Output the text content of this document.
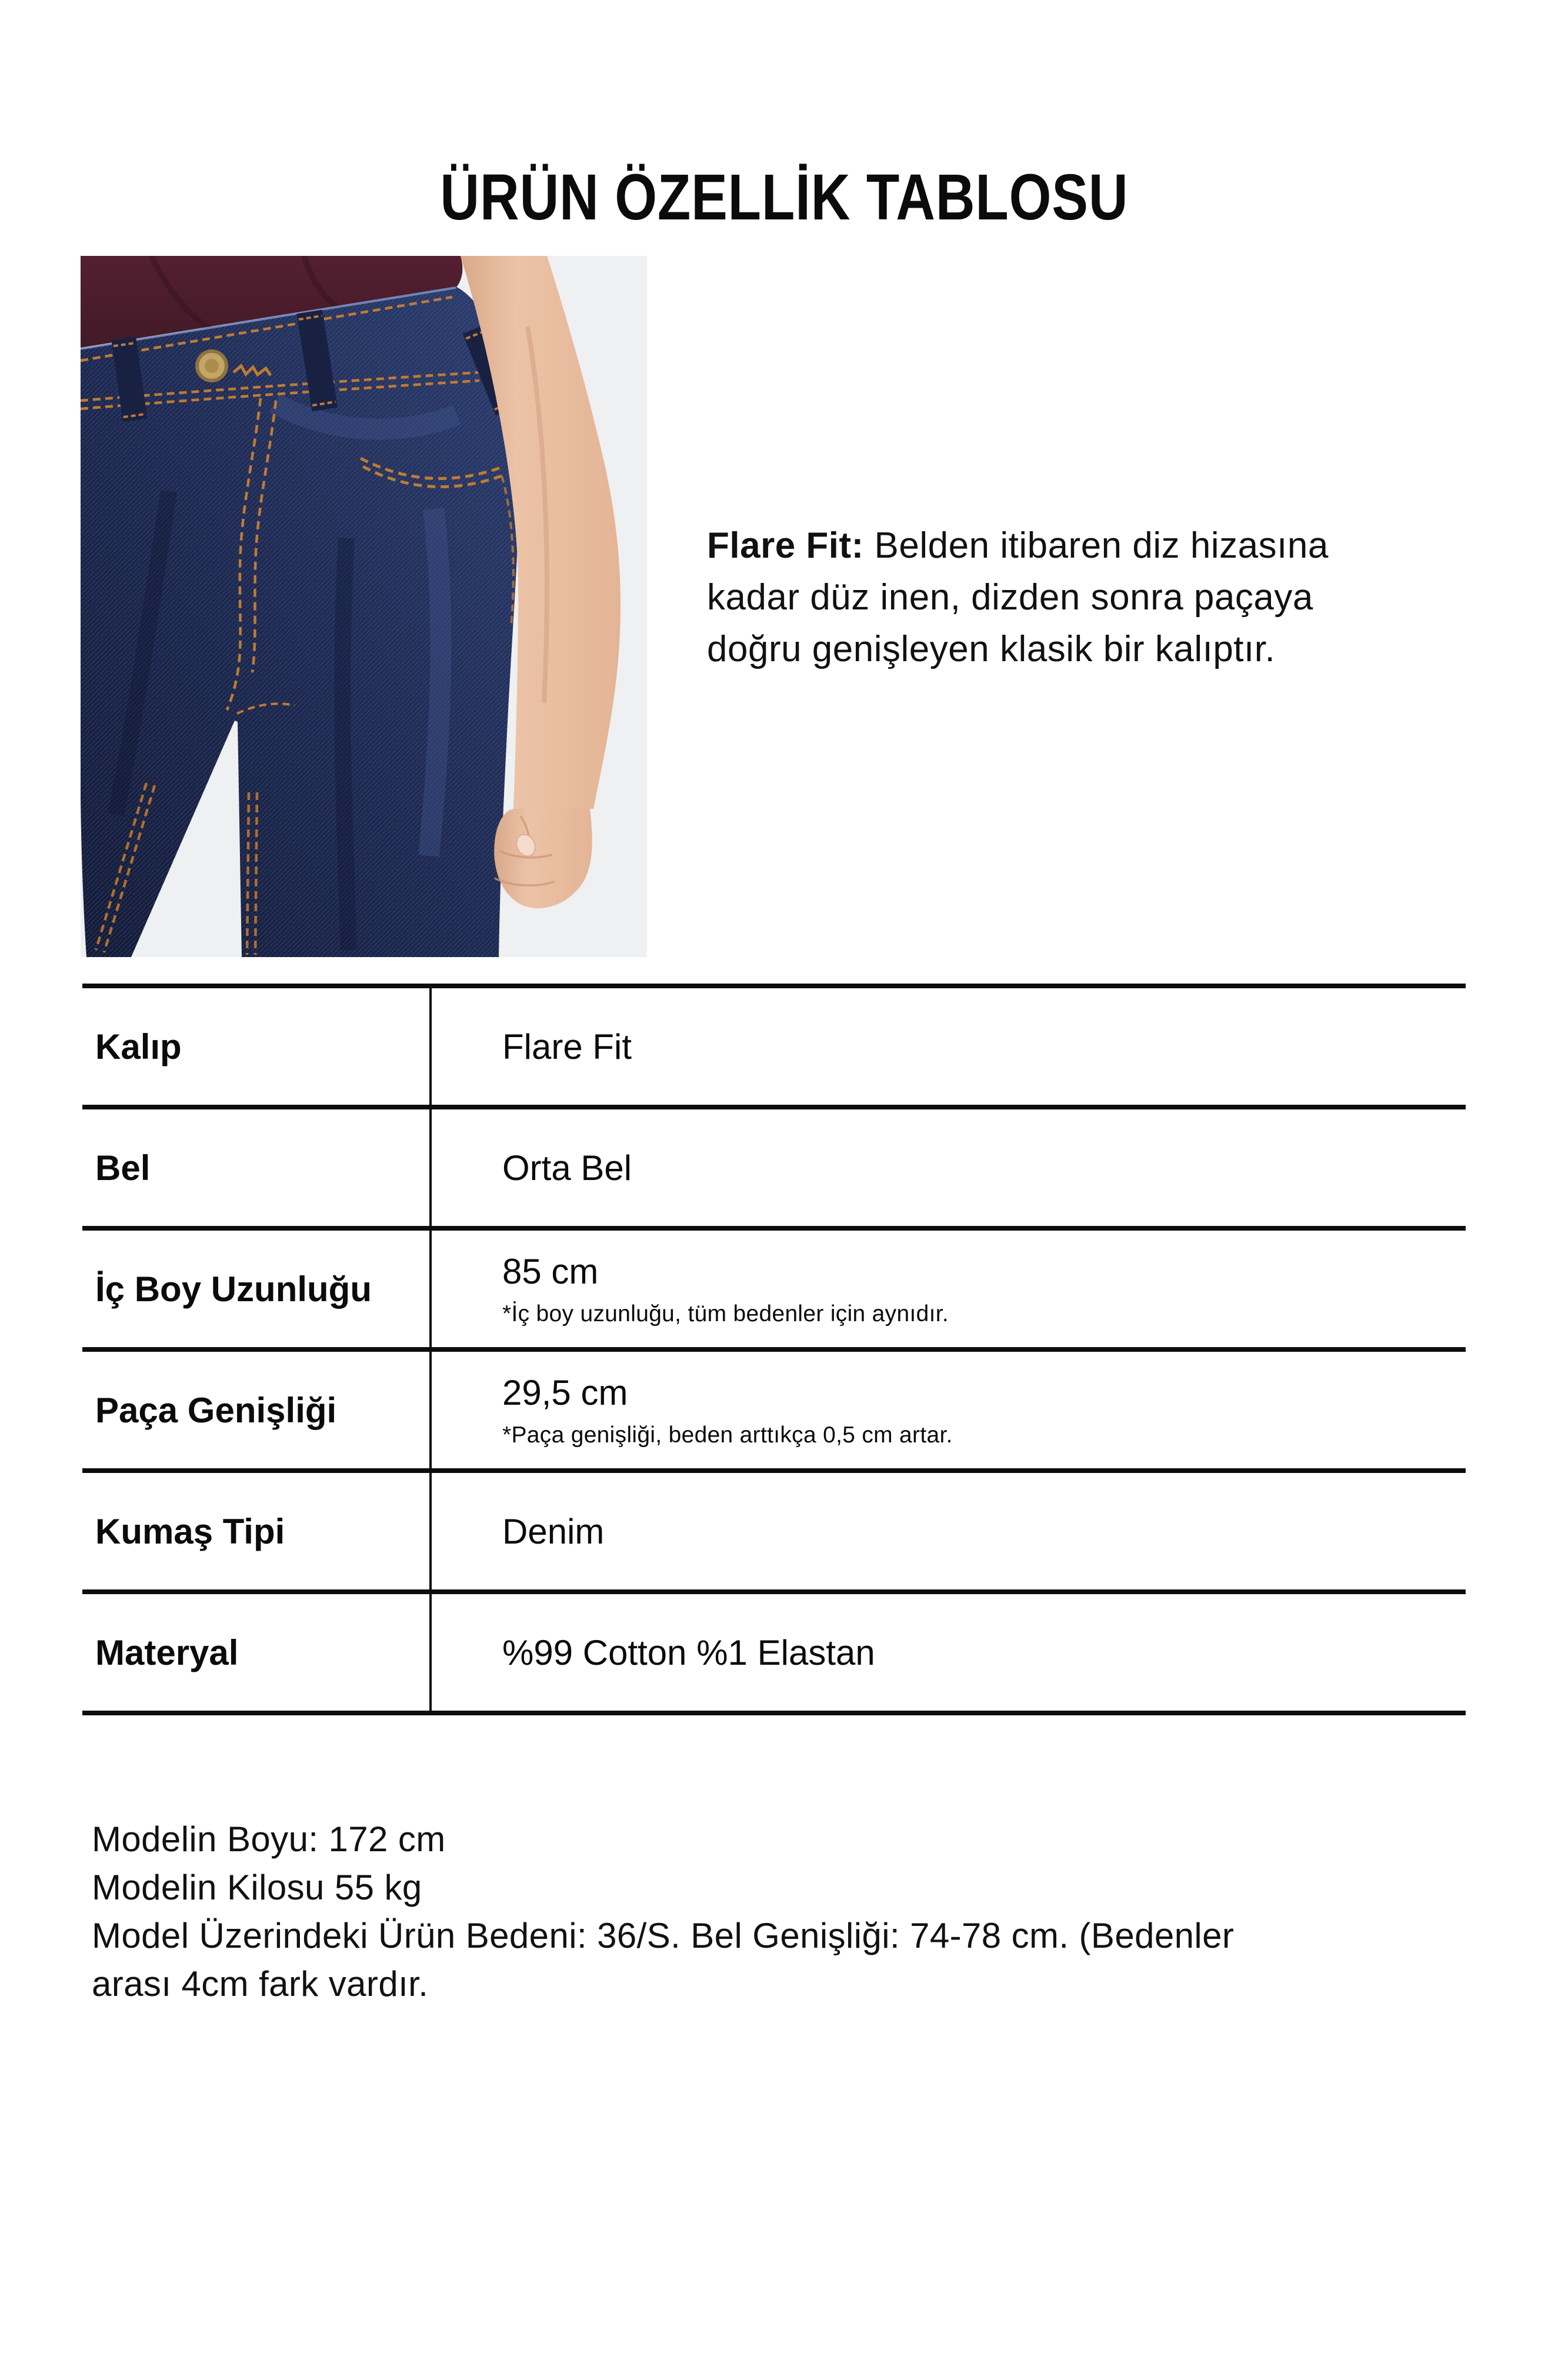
ÜRÜN ÖZELLİK TABLOSU
Flare Fit: Belden itibaren diz hizasına
kadar düz inen, dizden sonra paçaya
doğru genişleyen klasik bir kalıptır.
Kalıp	Flare Fit
Bel	Orta Bel
İç Boy Uzunluğu	85 cm
*İç boy uzunluğu, tüm bedenler için aynıdır.
Paça Genişliği	29,5 cm
*Paça genişliği, beden arttıkça 0,5 cm artar.
Kumaş Tipi	Denim
Materyal	%99 Cotton %1 Elastan
Modelin Boyu: 172 cm
Modelin Kilosu 55 kg
Model Üzerindeki Ürün Bedeni: 36/S. Bel Genişliği: 74-78 cm. (Bedenler
arası 4cm fark vardır.
